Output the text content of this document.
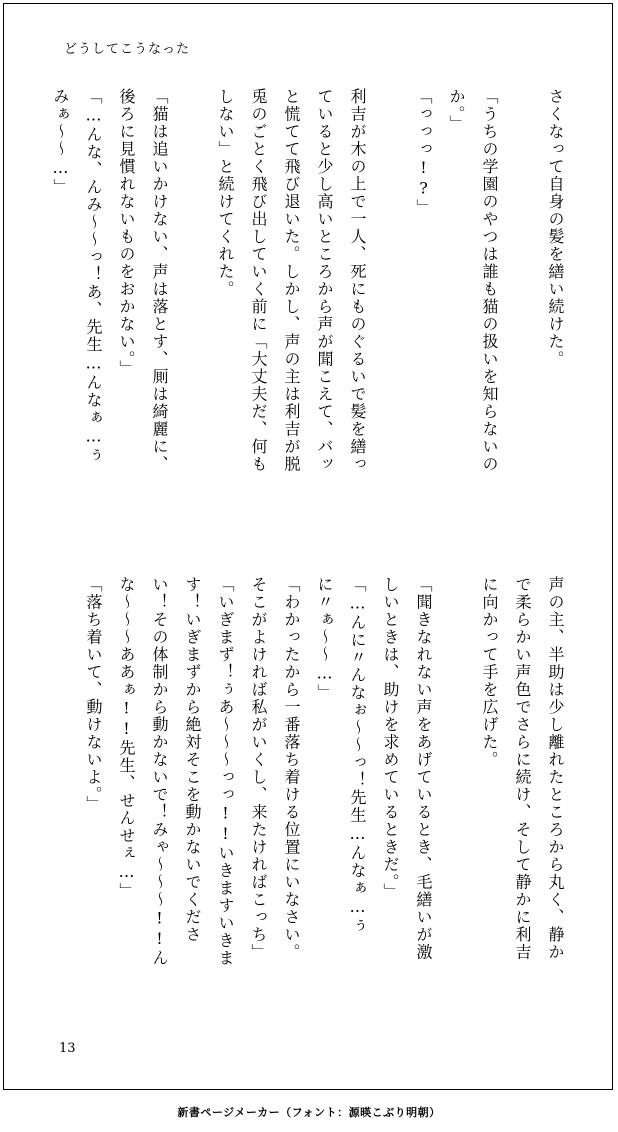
どうしてこうなった
さくなって自身の髪を繕い続けた。
「うちの学園のやつは誰も猫の扱いを知らないの
か。」
「っっっ!?」
利吉が木の上で一人、死にものぐるいで髪を繕っ
ていると少し高いところから声が聞こえて、バッ
と慌てて飛び退いた。しかし、声の主は利吉が脱
兎のごとく飛び出していく前に「大丈夫だ、何も
しない」と続けてくれた。
「猫は追いかけない、声は落とす、厠は綺麗に、
後ろに見慣れないものをおかない。」
「…んな、んみ〜〜っ！あ、先生…んなぁ…ぅ
みぁ〜〜…」
声の主、半助は少し離れたところから丸く、静か
で柔らかい声色でさらに続け、そして静かに利吉
に向かって手を広げた。
「聞きなれない声をあげているとき、毛繕いが激
しいときは、助けを求めているときだ。」
「…んに〃んなぉ〜〜っ！先生…んなぁ…ぅ
に〃ぁ〜〜…」
「わかったから一番落ち着ける位置にいなさい。
そこがよければ私がいくし、来たければこっち」
「いぎまず！ぅあ〜〜〜っっ!!いきますいきま
す！いぎまずから絶対そこを動かないでくださ
い！その体制から動かないで！みゃ〜〜〜!!ん
な〜〜〜ああぁ!!先生、せんせぇ…」
「落ち着いて、動けないよ。」
13
新書ページメーカー（フォント：源暎こぶり明朝）
